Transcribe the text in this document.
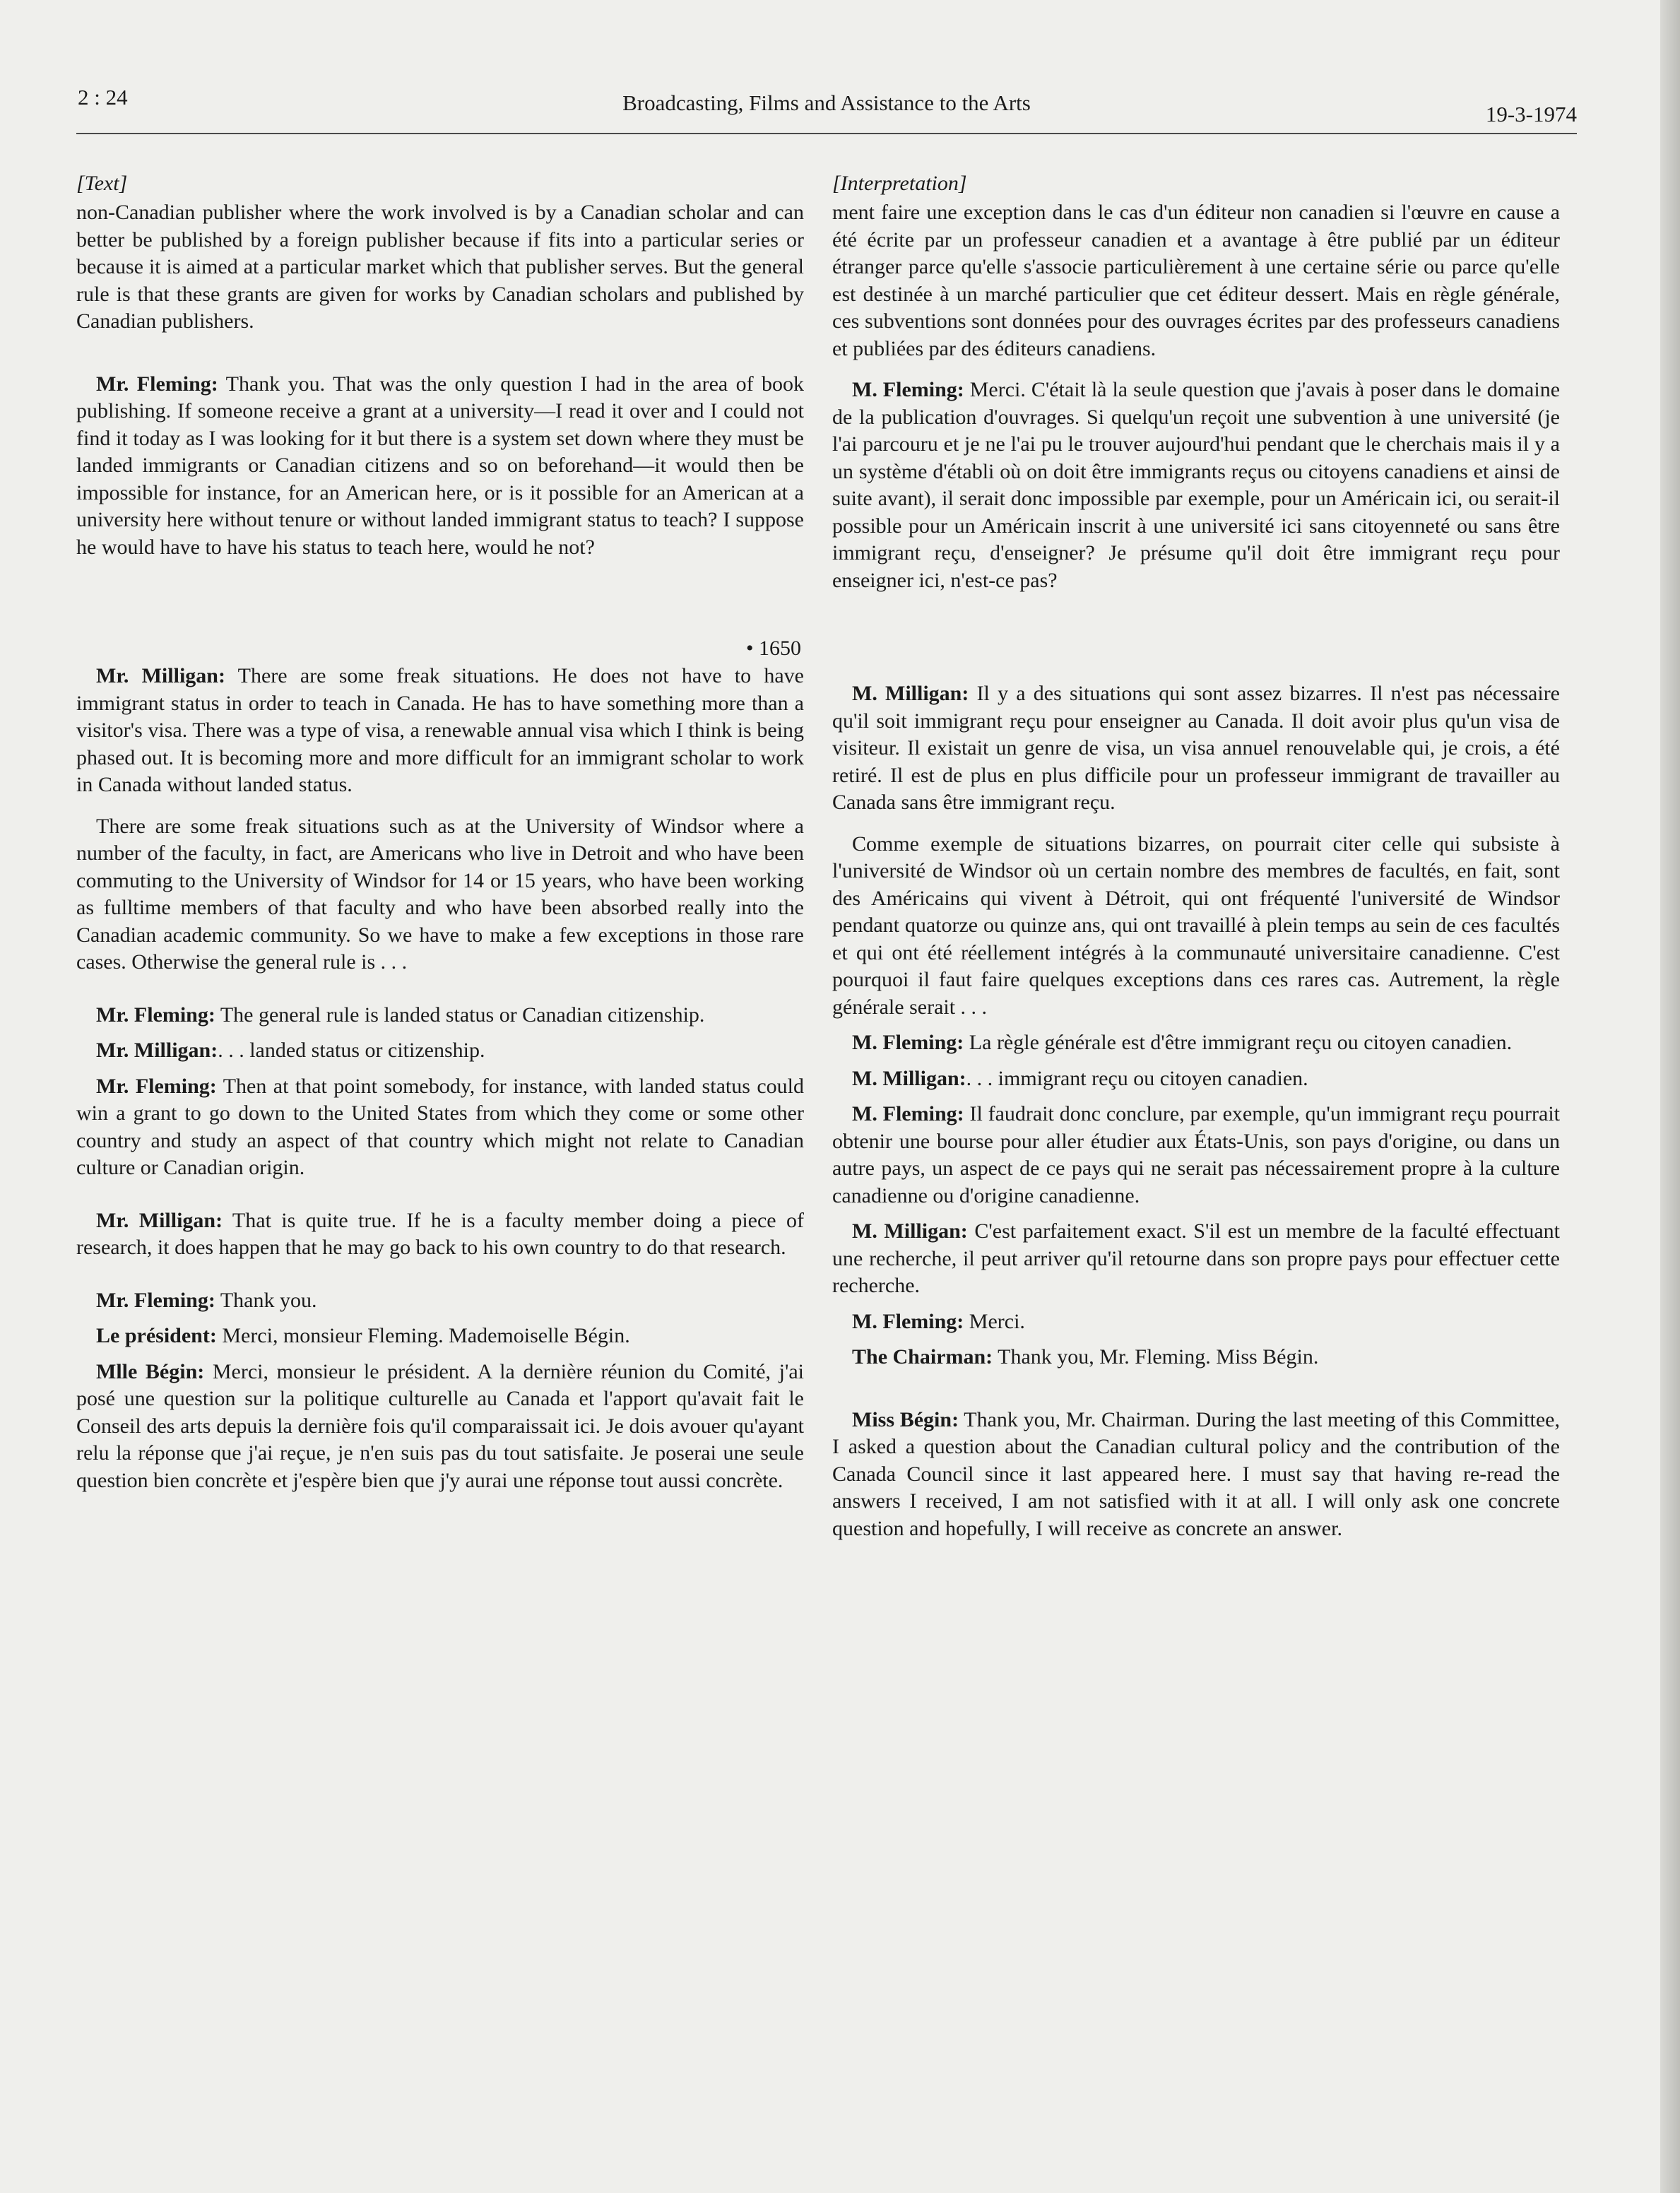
2 : 24	Broadcasting, Films and Assistance to the Arts	19-3-1974
[Text]

non-Canadian publisher where the work involved is by a Canadian scholar and can better be published by a foreign publisher because if fits into a particular series or because it is aimed at a particular market which that publisher serves. But the general rule is that these grants are given for works by Canadian scholars and published by Canadian publishers.

Mr. Fleming: Thank you. That was the only question I had in the area of book publishing. If someone receive a grant at a university—I read it over and I could not find it today as I was looking for it but there is a system set down where they must be landed immigrants or Canadian citizens and so on beforehand—it would then be impossible for instance, for an American here, or is it possible for an American at a university here without tenure or without landed immigrant status to teach? I suppose he would have to have his status to teach here, would he not?

• 1650

Mr. Milligan: There are some freak situations. He does not have to have immigrant status in order to teach in Canada. He has to have something more than a visitor's visa. There was a type of visa, a renewable annual visa which I think is being phased out. It is becoming more and more difficult for an immigrant scholar to work in Canada without landed status.

There are some freak situations such as at the University of Windsor where a number of the faculty, in fact, are Americans who live in Detroit and who have been commuting to the University of Windsor for 14 or 15 years, who have been working as fulltime members of that faculty and who have been absorbed really into the Canadian academic community. So we have to make a few exceptions in those rare cases. Otherwise the general rule is . . .

Mr. Fleming: The general rule is landed status or Canadian citizenship.

Mr. Milligan:. . . landed status or citizenship.

Mr. Fleming: Then at that point somebody, for instance, with landed status could win a grant to go down to the United States from which they come or some other country and study an aspect of that country which might not relate to Canadian culture or Canadian origin.

Mr. Milligan: That is quite true. If he is a faculty member doing a piece of research, it does happen that he may go back to his own country to do that research.

Mr. Fleming: Thank you.

Le président: Merci, monsieur Fleming. Mademoiselle Bégin.

Mlle Bégin: Merci, monsieur le président. A la dernière réunion du Comité, j'ai posé une question sur la politique culturelle au Canada et l'apport qu'avait fait le Conseil des arts depuis la dernière fois qu'il comparaissait ici. Je dois avouer qu'ayant relu la réponse que j'ai reçue, je n'en suis pas du tout satisfaite. Je poserai une seule question bien concrète et j'espère bien que j'y aurai une réponse tout aussi concrète.

[Interpretation]

ment faire une exception dans le cas d'un éditeur non canadien si l'œuvre en cause a été écrite par un professeur canadien et a avantage à être publié par un éditeur étranger parce qu'elle s'associe particulièrement à une certaine série ou parce qu'elle est destinée à un marché particulier que cet éditeur dessert. Mais en règle générale, ces subventions sont données pour des ouvrages écrites par des professeurs canadiens et publiées par des éditeurs canadiens.

M. Fleming: Merci. C'était là la seule question que j'avais à poser dans le domaine de la publication d'ouvrages. Si quelqu'un reçoit une subvention à une université (je l'ai parcouru et je ne l'ai pu le trouver aujourd'hui pendant que le cherchais mais il y a un système d'établi où on doit être immigrants reçus ou citoyens canadiens et ainsi de suite avant), il serait donc impossible par exemple, pour un Américain ici, ou serait-il possible pour un Américain inscrit à une université ici sans citoyenneté ou sans être immigrant reçu, d'enseigner? Je présume qu'il doit être immigrant reçu pour enseigner ici, n'est-ce pas?

M. Milligan: Il y a des situations qui sont assez bizarres. Il n'est pas nécessaire qu'il soit immigrant reçu pour enseigner au Canada. Il doit avoir plus qu'un visa de visiteur. Il existait un genre de visa, un visa annuel renouvelable qui, je crois, a été retiré. Il est de plus en plus difficile pour un professeur immigrant de travailler au Canada sans être immigrant reçu.

Comme exemple de situations bizarres, on pourrait citer celle qui subsiste à l'université de Windsor où un certain nombre des membres de facultés, en fait, sont des Américains qui vivent à Détroit, qui ont fréquenté l'université de Windsor pendant quatorze ou quinze ans, qui ont travaillé à plein temps au sein de ces facultés et qui ont été réellement intégrés à la communauté universitaire canadienne. C'est pourquoi il faut faire quelques exceptions dans ces rares cas. Autrement, la règle générale serait . . .

M. Fleming: La règle générale est d'être immigrant reçu ou citoyen canadien.

M. Milligan:. . . immigrant reçu ou citoyen canadien.

M. Fleming: Il faudrait donc conclure, par exemple, qu'un immigrant reçu pourrait obtenir une bourse pour aller étudier aux États-Unis, son pays d'origine, ou dans un autre pays, un aspect de ce pays qui ne serait pas nécessairement propre à la culture canadienne ou d'origine canadienne.

M. Milligan: C'est parfaitement exact. S'il est un membre de la faculté effectuant une recherche, il peut arriver qu'il retourne dans son propre pays pour effectuer cette recherche.

M. Fleming: Merci.

The Chairman: Thank you, Mr. Fleming. Miss Bégin.

Miss Bégin: Thank you, Mr. Chairman. During the last meeting of this Committee, I asked a question about the Canadian cultural policy and the contribution of the Canada Council since it last appeared here. I must say that having re-read the answers I received, I am not satisfied with it at all. I will only ask one concrete question and hopefully, I will receive as concrete an answer.
